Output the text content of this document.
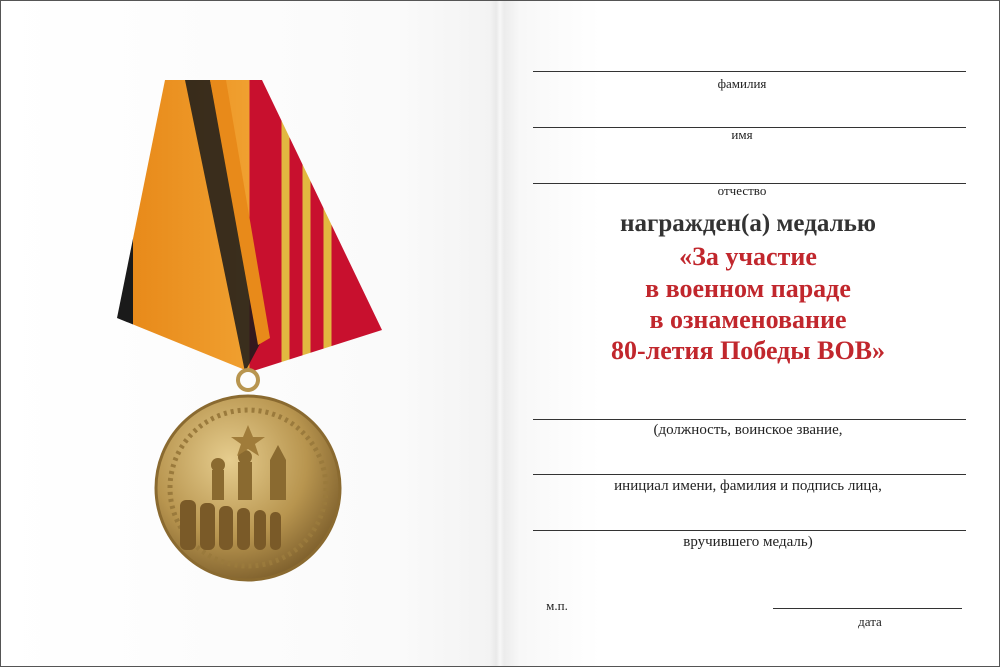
фамилия
имя
отчество
награжден(а) медалью
«За участие
в военном параде
в ознаменование
80-летия Победы ВОВ»
(должность, воинское звание,
инициал имени, фамилия и подпись лица,
вручившего медаль)
м.п.
дата
